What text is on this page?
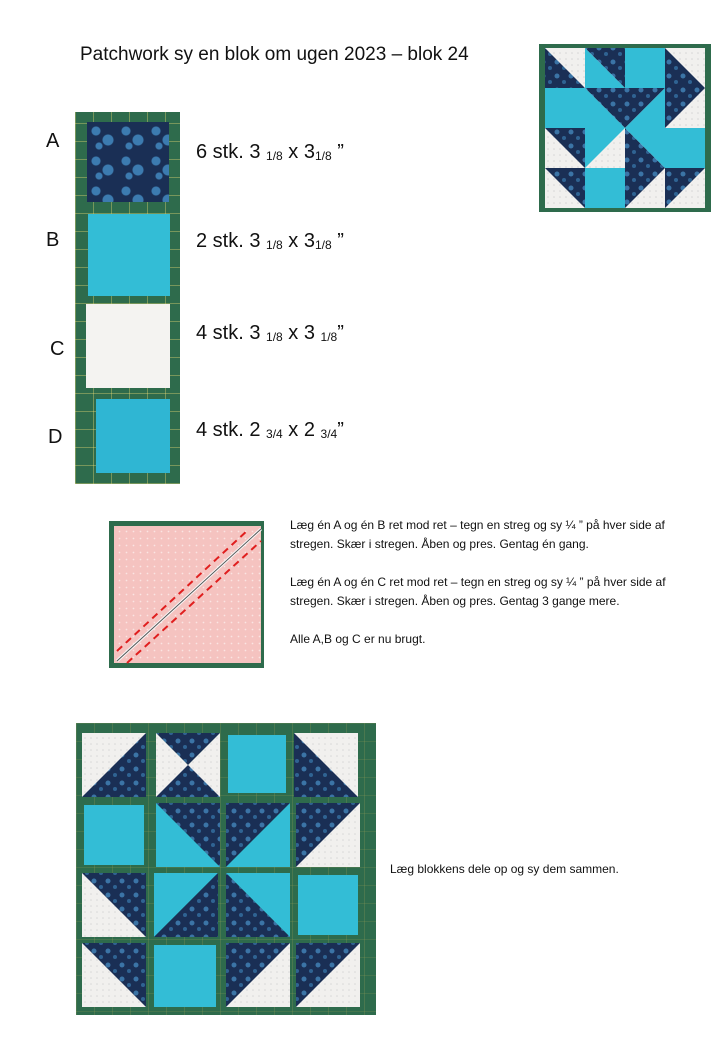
Patchwork sy en blok om ugen 2023 – blok 24
A
B
C
D
6 stk. 3 $_{1/8}$ x $3_{1/8}$ ”
2 stk. 3 $_{1/8}$ x $3_{1/8}$ ”
4 stk. 3 $_{1/8}$ x 3 $_{1/8}$”
4 stk. 2 $_{3/4}$ x 2 $_{3/4}$”

Læg én A og én B ret mod ret – tegn en streg og sy ¼ ” på hver side af stregen. Skær i stregen. Åben og pres. Gentag én gang.

Læg én A og én C ret mod ret – tegn en streg og sy ¼ ” på hver side af stregen. Skær i stregen. Åben og pres. Gentag 3 gange mere.

Alle A,B og C er nu brugt.

Læg blokkens dele op og sy dem sammen.
